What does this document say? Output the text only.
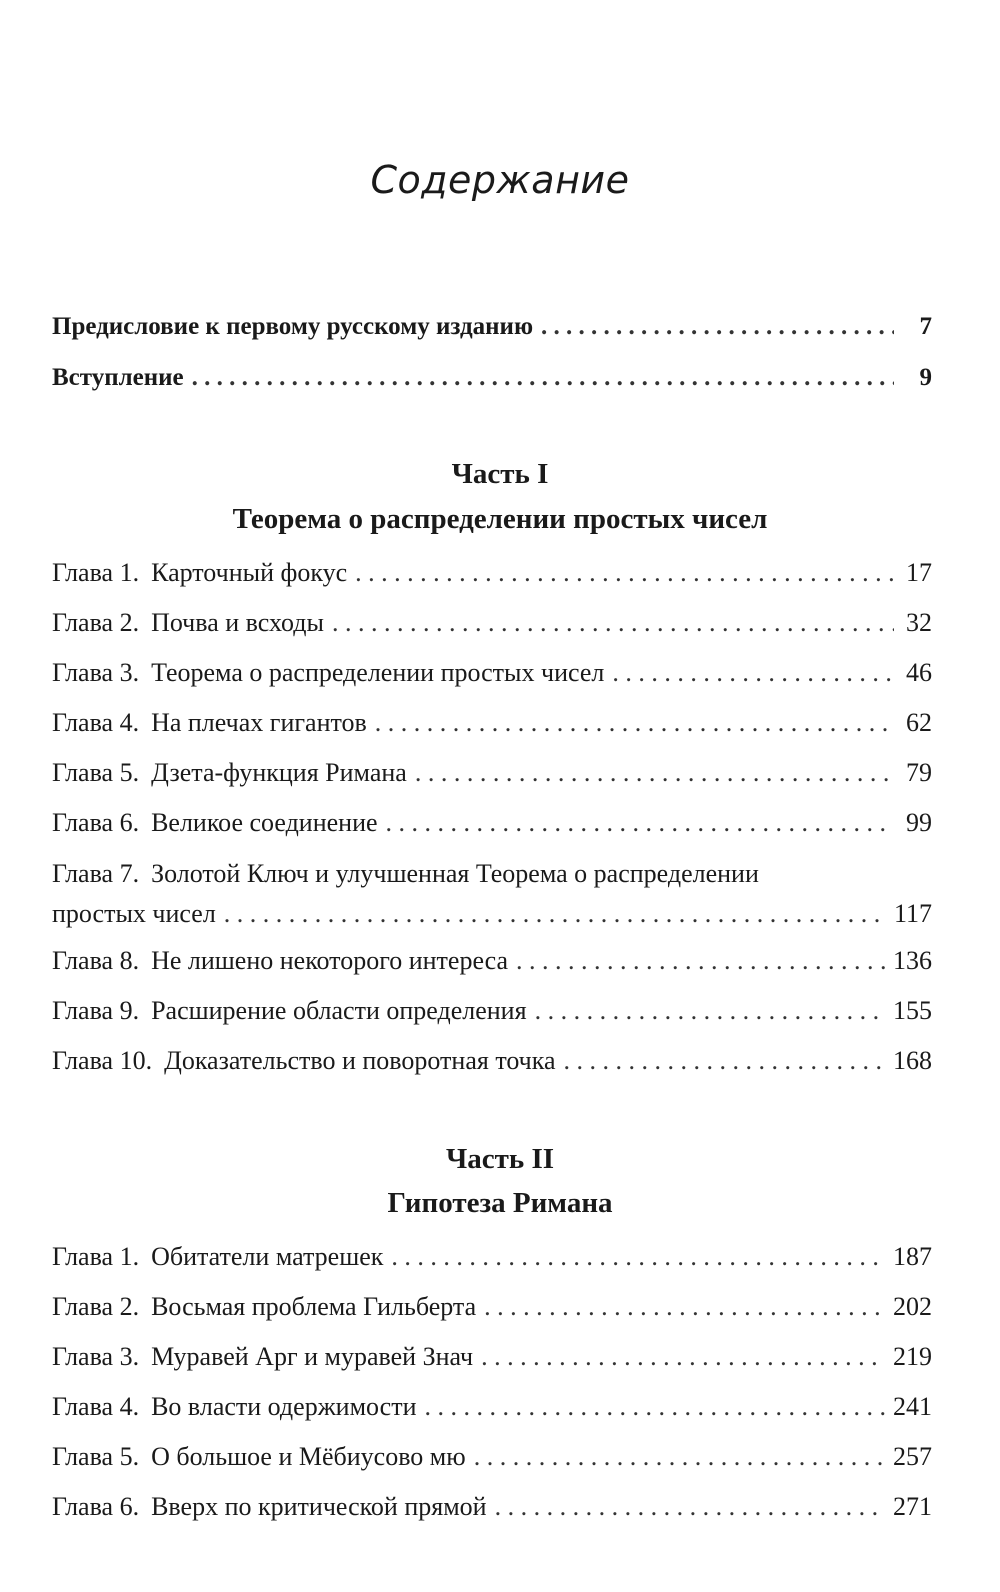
Содержание
Предисловие к первому русскому изданию . . .	7
Вступление . . .	9
Часть I
Теорема о распределении простых чисел
Глава 1. Карточный фокус . . .	17
Глава 2. Почва и всходы . . .	32
Глава 3. Теорема о распределении простых чисел . . .	46
Глава 4. На плечах гигантов . . .	62
Глава 5. Дзета-функция Римана . . .	79
Глава 6. Великое соединение . . .	99
Глава 7. Золотой Ключ и улучшенная Теорема о распределении
простых чисел . . .	117
Глава 8. Не лишено некоторого интереса . . .	136
Глава 9. Расширение области определения . . .	155
Глава 10. Доказательство и поворотная точка . . .	168
Часть II
Гипотеза Римана
Глава 1. Обитатели матрешек . . .	187
Глава 2. Восьмая проблема Гильберта . . .	202
Глава 3. Муравей Арг и муравей Знач . . .	219
Глава 4. Во власти одержимости . . .	241
Глава 5. О большое и Мёбиусово мю . . .	257
Глава 6. Вверх по критической прямой . . .	271
